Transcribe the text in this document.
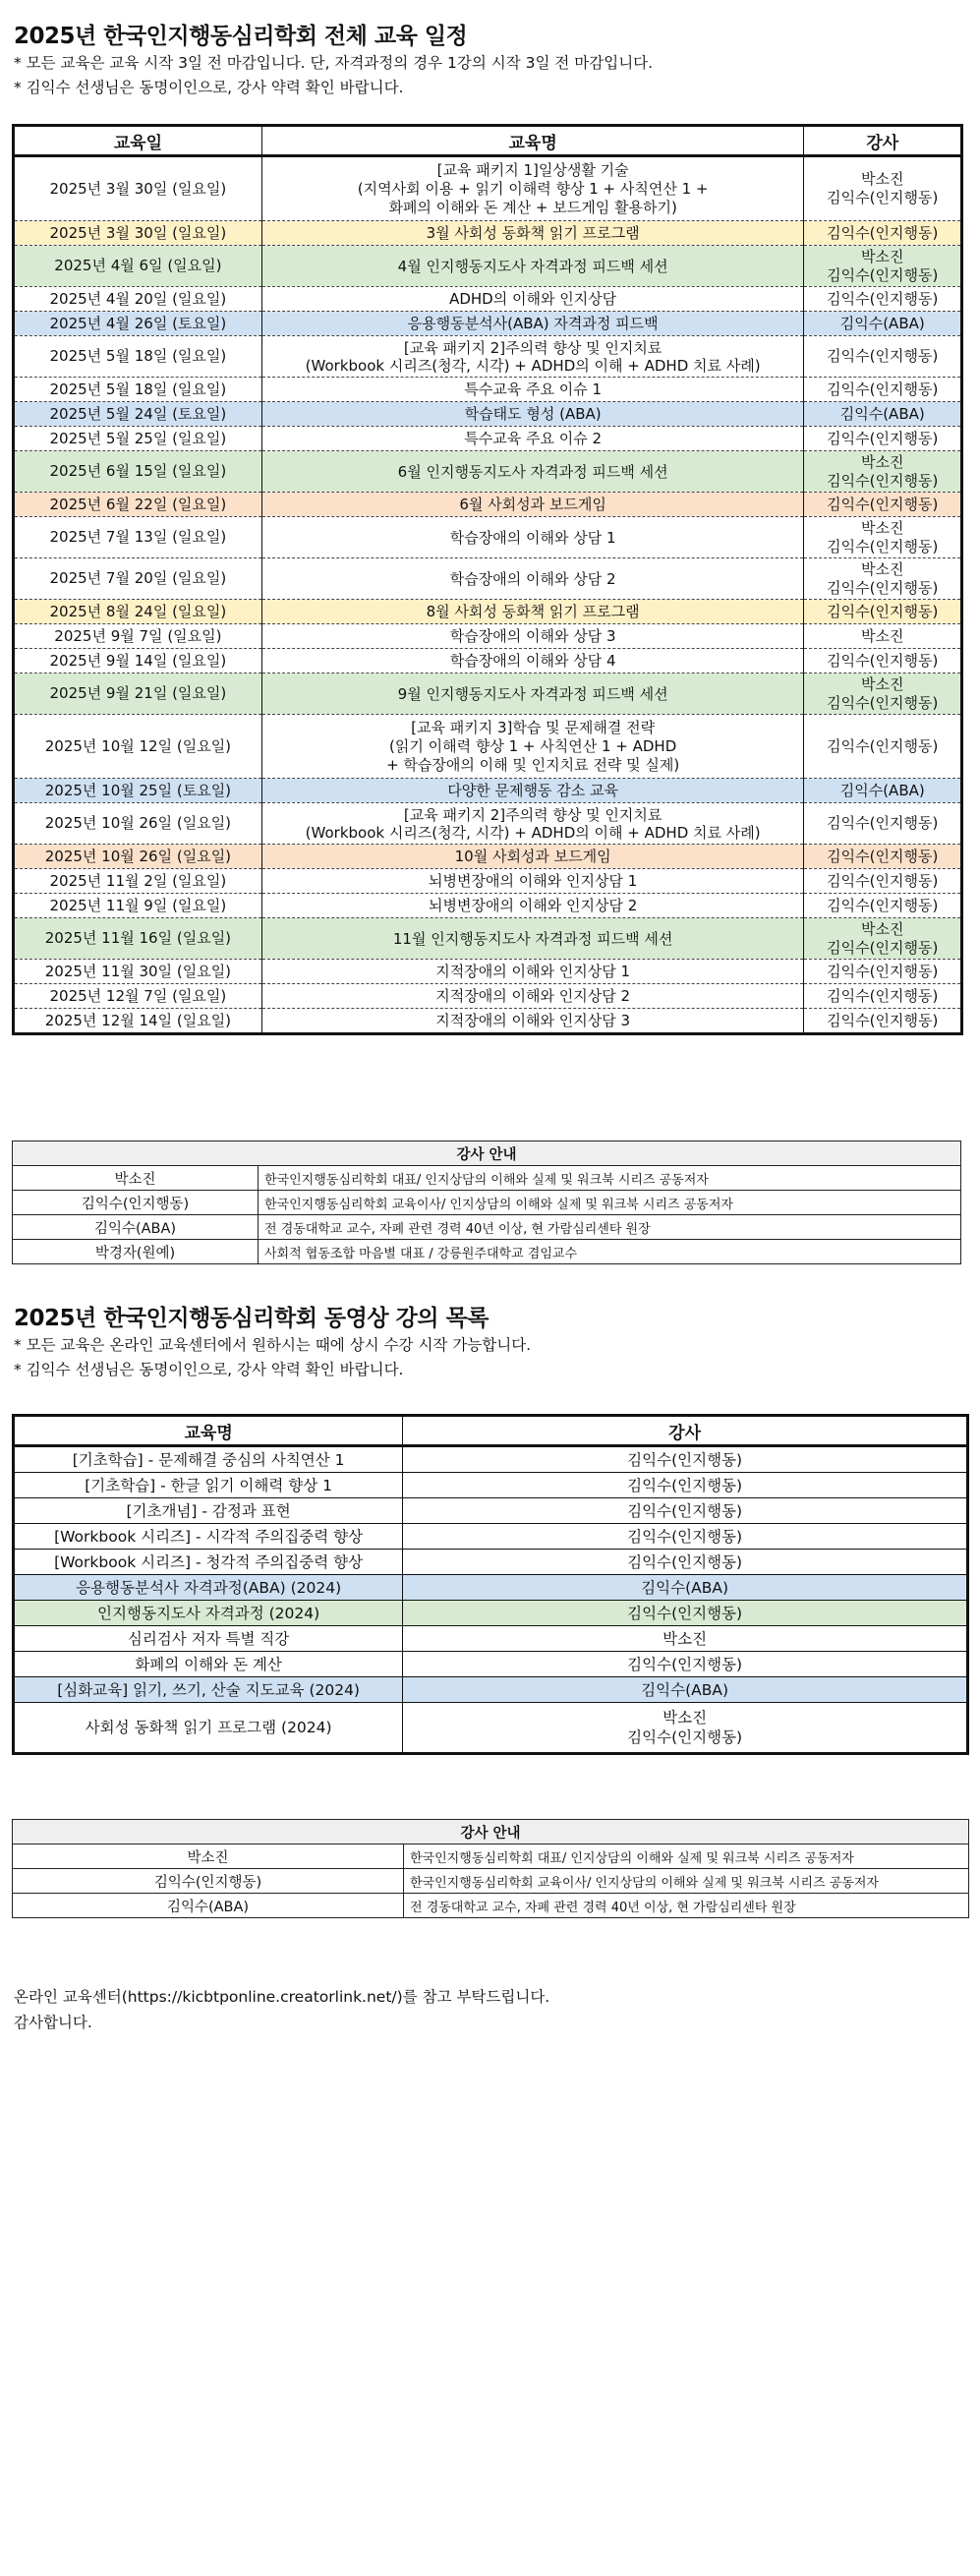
2025년 한국인지행동심리학회 전체 교육 일정

* 모든 교육은 교육 시작 3일 전 마감입니다. 단, 자격과정의 경우 1강의 시작 3일 전 마감입니다.

* 김익수 선생님은 동명이인으로, 강사 약력 확인 바랍니다.

교육일	교육명	강사
2025년 3월 30일 (일요일)	[교육 패키지 1]일상생활 기술
(지역사회 이용 + 읽기 이해력 향상 1 + 사칙연산 1 +
화폐의 이해와 돈 계산 + 보드게임 활용하기)	박소진
김익수(인지행동)

2025년 3월 30일 (일요일)	3월 사회성 동화책 읽기 프로그램	김익수(인지행동)
2025년 4월 6일 (일요일)	4월 인지행동지도사 자격과정 피드백 세션	박소진
김익수(인지행동)

2025년 4월 20일 (일요일)	ADHD의 이해와 인지상담	김익수(인지행동)
2025년 4월 26일 (토요일)	응용행동분석사(ABA) 자격과정 피드백	김익수(ABA)
2025년 5월 18일 (일요일)	[교육 패키지 2]주의력 향상 및 인지치료
(Workbook 시리즈(청각, 시각) + ADHD의 이해 + ADHD 치료 사례)	김익수(인지행동)
2025년 5월 18일 (일요일)	특수교육 주요 이슈 1	김익수(인지행동)
2025년 5월 24일 (토요일)	학습태도 형성 (ABA)	김익수(ABA)
2025년 5월 25일 (일요일)	특수교육 주요 이슈 2	김익수(인지행동)
2025년 6월 15일 (일요일)	6월 인지행동지도사 자격과정 피드백 세션	박소진
김익수(인지행동)

2025년 6월 22일 (일요일)	6월 사회성과 보드게임	김익수(인지행동)
2025년 7월 13일 (일요일)	학습장애의 이해와 상담 1	박소진
김익수(인지행동)

2025년 7월 20일 (일요일)	학습장애의 이해와 상담 2	박소진
김익수(인지행동)

2025년 8월 24일 (일요일)	8월 사회성 동화책 읽기 프로그램	김익수(인지행동)
2025년 9월 7일 (일요일)	학습장애의 이해와 상담 3	박소진
2025년 9월 14일 (일요일)	학습장애의 이해와 상담 4	김익수(인지행동)
2025년 9월 21일 (일요일)	9월 인지행동지도사 자격과정 피드백 세션	박소진
김익수(인지행동)

2025년 10월 12일 (일요일)	[교육 패키지 3]학습 및 문제해결 전략
(읽기 이해력 향상 1 + 사칙연산 1 + ADHD
+ 학습장애의 이해 및 인지치료 전략 및 실제)	김익수(인지행동)
2025년 10월 25일 (토요일)	다양한 문제행동 감소 교육	김익수(ABA)
2025년 10월 26일 (일요일)	[교육 패키지 2]주의력 향상 및 인지치료
(Workbook 시리즈(청각, 시각) + ADHD의 이해 + ADHD 치료 사례)	김익수(인지행동)
2025년 10월 26일 (일요일)	10월 사회성과 보드게임	김익수(인지행동)
2025년 11월 2일 (일요일)	뇌병변장애의 이해와 인지상담 1	김익수(인지행동)
2025년 11월 9일 (일요일)	뇌병변장애의 이해와 인지상담 2	김익수(인지행동)
2025년 11월 16일 (일요일)	11월 인지행동지도사 자격과정 피드백 세션	박소진
김익수(인지행동)

2025년 11월 30일 (일요일)	지적장애의 이해와 인지상담 1	김익수(인지행동)
2025년 12월 7일 (일요일)	지적장애의 이해와 인지상담 2	김익수(인지행동)
2025년 12월 14일 (일요일)	지적장애의 이해와 인지상담 3	김익수(인지행동)
강사 안내	
박소진	한국인지행동심리학회 대표/ 인지상담의 이해와 실제 및 워크북 시리즈 공동저자
김익수(인지행동)	한국인지행동심리학회 교육이사/ 인지상담의 이해와 실제 및 워크북 시리즈 공동저자
김익수(ABA)	전 경동대학교 교수, 자폐 관련 경력 40년 이상, 현 가람심리센타 원장
박경자(원예)	사회적 협동조합 마음별 대표 / 강릉원주대학교 겸임교수
2025년 한국인지행동심리학회 동영상 강의 목록

* 모든 교육은 온라인 교육센터에서 원하시는 때에 상시 수강 시작 가능합니다.

* 김익수 선생님은 동명이인으로, 강사 약력 확인 바랍니다.

교육명	강사
[기초학습] - 문제해결 중심의 사칙연산 1	김익수(인지행동)
[기초학습] - 한글 읽기 이해력 향상 1	김익수(인지행동)
[기초개념] - 감정과 표현	김익수(인지행동)
[Workbook 시리즈] - 시각적 주의집중력 향상	김익수(인지행동)
[Workbook 시리즈] - 청각적 주의집중력 향상	김익수(인지행동)
응용행동분석사 자격과정(ABA) (2024)	김익수(ABA)
인지행동지도사 자격과정 (2024)	김익수(인지행동)
심리검사 저자 특별 직강	박소진
화폐의 이해와 돈 계산	김익수(인지행동)
[심화교육] 읽기, 쓰기, 산술 지도교육 (2024)	김익수(ABA)
사회성 동화책 읽기 프로그램 (2024)	박소진
김익수(인지행동)
강사 안내	
박소진	한국인지행동심리학회 대표/ 인지상담의 이해와 실제 및 워크북 시리즈 공동저자
김익수(인지행동)	한국인지행동심리학회 교육이사/ 인지상담의 이해와 실제 및 워크북 시리즈 공동저자
김익수(ABA)	전 경동대학교 교수, 자폐 관련 경력 40년 이상, 현 가람심리센타 원장
온라인 교육센터(https://kicbtponline.creatorlink.net/)를 참고 부탁드립니다.
감사합니다.
